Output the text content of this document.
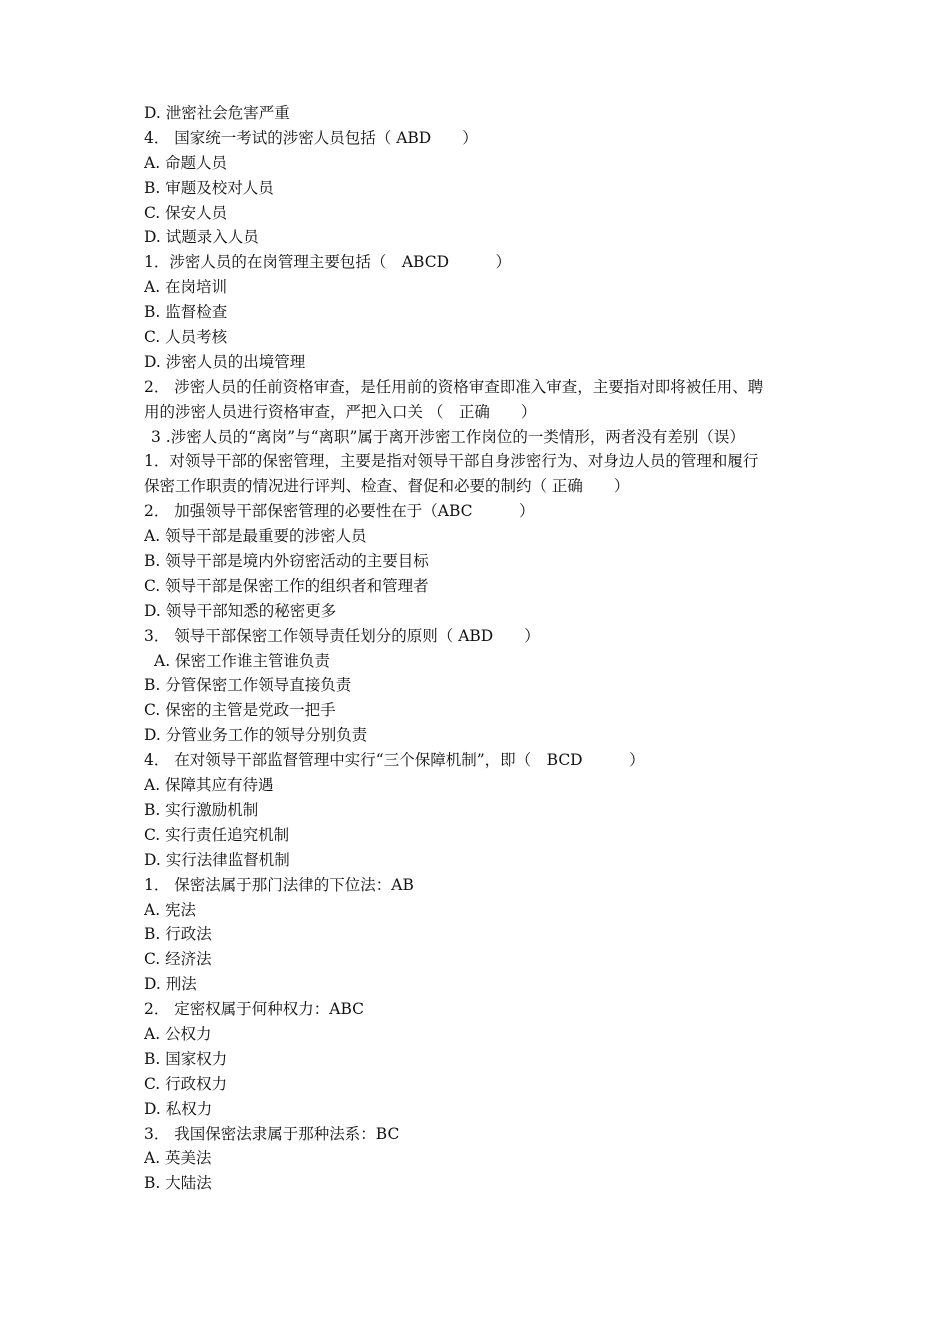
D. 泄密社会危害严重
4． 国家统一考试的涉密人员包括（ ABD　　）
A. 命题人员
B. 审题及校对人员
C. 保安人员
D. 试题录入人员
1．涉密人员的在岗管理主要包括（　ABCD　　　）
A. 在岗培训
B. 监督检查
C. 人员考核
D. 涉密人员的出境管理
2． 涉密人员的任前资格审查，是任用前的资格审查即准入审查，主要指对即将被任用、聘
用的涉密人员进行资格审查，严把入口关 （　正确　　）
3 .涉密人员的“离岗”与“离职”属于离开涉密工作岗位的一类情形，两者没有差别（误）
1．对领导干部的保密管理，主要是指对领导干部自身涉密行为、对身边人员的管理和履行
保密工作职责的情况进行评判、检查、督促和必要的制约（ 正确　　）
2． 加强领导干部保密管理的必要性在于（ABC　　　）
A. 领导干部是最重要的涉密人员
B. 领导干部是境内外窃密活动的主要目标
C. 领导干部是保密工作的组织者和管理者
D. 领导干部知悉的秘密更多
3． 领导干部保密工作领导责任划分的原则（ ABD　　）
A. 保密工作谁主管谁负责
B. 分管保密工作领导直接负责
C. 保密的主管是党政一把手
D. 分管业务工作的领导分别负责
4． 在对领导干部监督管理中实行“三个保障机制”，即（　BCD　　　）
A. 保障其应有待遇
B. 实行激励机制
C. 实行责任追究机制
D. 实行法律监督机制
1． 保密法属于那门法律的下位法：AB
A. 宪法
B. 行政法
C. 经济法
D. 刑法
2． 定密权属于何种权力：ABC
A. 公权力
B. 国家权力
C. 行政权力
D. 私权力
3． 我国保密法隶属于那种法系：BC
A. 英美法
B. 大陆法
